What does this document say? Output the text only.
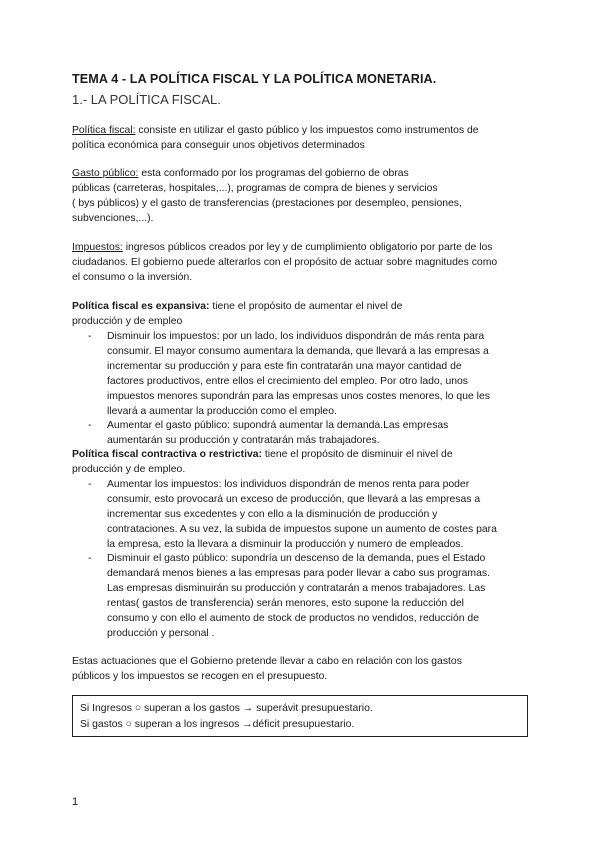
TEMA 4 - LA POLÍTICA FISCAL Y LA POLÍTICA MONETARIA.
1.- LA POLÍTICA FISCAL.
Política fiscal: consiste en utilizar el gasto público y los impuestos como instrumentos de
política económica para conseguir unos objetivos determinados
Gasto público: esta conformado por los programas del gobierno de obras
públicas (carreteras, hospitales,...), programas de compra de bienes y servicios
( bys públicos) y el gasto de transferencias (prestaciones por desempleo, pensiones,
subvenciones,...).
Impuestos: ingresos públicos creados por ley y de cumplimiento obligatorio por parte de los
ciudadanos. El gobierno puede alterarlos con el propósito de actuar sobre magnitudes como
el consumo o la inversión.
Política fiscal es expansiva: tiene el propósito de aumentar el nivel de
producción y de empleo
- Disminuir los impuestos: por un lado, los individuos dispondrán de más renta para
consumir. El mayor consumo aumentara la demanda, que llevará a las empresas a
incrementar su producción y para este fin contratarán una mayor cantidad de
factores productivos, entre ellos el crecimiento del empleo. Por otro lado, unos
impuestos menores supondrán para las empresas unos costes menores, lo que les
llevará a aumentar la producción como el empleo.
- Aumentar el gasto público: supondrá aumentar la demanda.Las empresas
aumentarán su producción y contratarán más trabajadores.
Política fiscal contractiva o restrictiva: tiene el propósito de disminuir el nivel de
producción y de empleo.
- Aumentar los impuestos: los individuos dispondrán de menos renta para poder
consumir, esto provocará un exceso de producción, que llevará a las empresas a
incrementar sus excedentes y con ello a la disminución de producción y
contrataciones. A su vez, la subida de impuestos supone un aumento de costes para
la empresa, esto la llevara a disminuir la producción y numero de empleados.
- Disminuir el gasto público: supondría un descenso de la demanda, pues el Estado
demandará menos bienes a las empresas para poder llevar a cabo sus programas.
Las empresas disminuirán su producción y contratarán a menos trabajadores. Las
rentas( gastos de transferencia) serán menores, esto supone la reducción del
consumo y con ello el aumento de stock de productos no vendidos, reducción de
producción y personal .
Estas actuaciones que el Gobierno pretende llevar a cabo en relación con los gastos
públicos y los impuestos se recogen en el presupuesto.
Si Ingresos ○ superan a los gastos → superávit presupuestario.
Si gastos ○ superan a los ingresos →déficit presupuestario.
1
